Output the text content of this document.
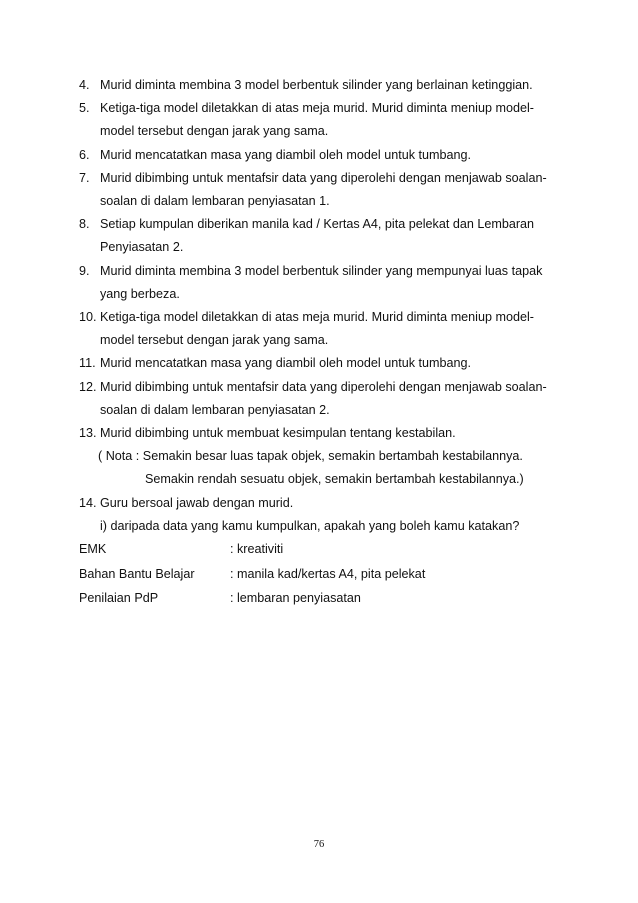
4. Murid diminta membina 3 model berbentuk silinder yang berlainan ketinggian.
5. Ketiga-tiga model diletakkan di atas meja murid. Murid diminta meniup model-
model tersebut dengan jarak yang sama.
6. Murid mencatatkan masa yang diambil oleh model untuk tumbang.
7. Murid dibimbing untuk mentafsir data yang diperolehi dengan menjawab soalan-
soalan di dalam lembaran penyiasatan 1.
8. Setiap kumpulan diberikan manila kad / Kertas A4, pita pelekat dan Lembaran
Penyiasatan 2.
9. Murid diminta membina 3 model berbentuk silinder yang mempunyai luas tapak
yang berbeza.
10. Ketiga-tiga model diletakkan di atas meja murid. Murid diminta meniup model-
model tersebut dengan jarak yang sama.
11. Murid mencatatkan masa yang diambil oleh model untuk tumbang.
12. Murid dibimbing untuk mentafsir data yang diperolehi dengan menjawab soalan-
soalan di dalam lembaran penyiasatan 2.
13. Murid dibimbing untuk membuat kesimpulan tentang kestabilan.
( Nota : Semakin besar luas tapak objek, semakin bertambah kestabilannya.
Semakin rendah sesuatu objek, semakin bertambah kestabilannya.)
14. Guru bersoal jawab dengan murid.
i) daripada data yang kamu kumpulkan, apakah yang boleh kamu katakan?
EMK	: kreativiti
Bahan Bantu Belajar	: manila kad/kertas A4, pita pelekat
Penilaian PdP	: lembaran penyiasatan
76
